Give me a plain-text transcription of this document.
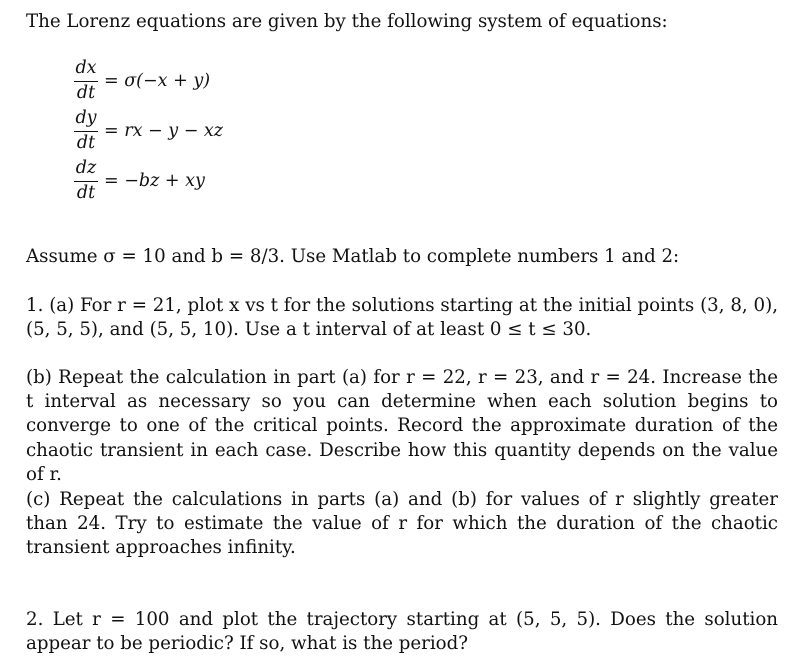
The Lorenz equations are given by the following system of equations:
dx
dt
= σ(−x + y)
dy
dt
= rx − y − xz
dz
dt
= −bz + xy
Assume σ = 10 and b = 8/3. Use Matlab to complete numbers 1 and 2:
1. (a) For r = 21, plot x vs t for the solutions starting at the initial points (3, 8, 0), (5, 5, 5), and (5, 5, 10). Use a t interval of at least 0 ≤ t ≤ 30.
(b) Repeat the calculation in part (a) for r = 22, r = 23, and r = 24. Increase the t interval as necessary so you can determine when each solution begins to converge to one of the critical points. Record the approximate duration of the chaotic transient in each case. Describe how this quantity depends on the value of r.
(c) Repeat the calculations in parts (a) and (b) for values of r slightly greater than 24. Try to estimate the value of r for which the duration of the chaotic transient approaches infinity.
2. Let r = 100 and plot the trajectory starting at (5, 5, 5). Does the solution appear to be periodic? If so, what is the period?
